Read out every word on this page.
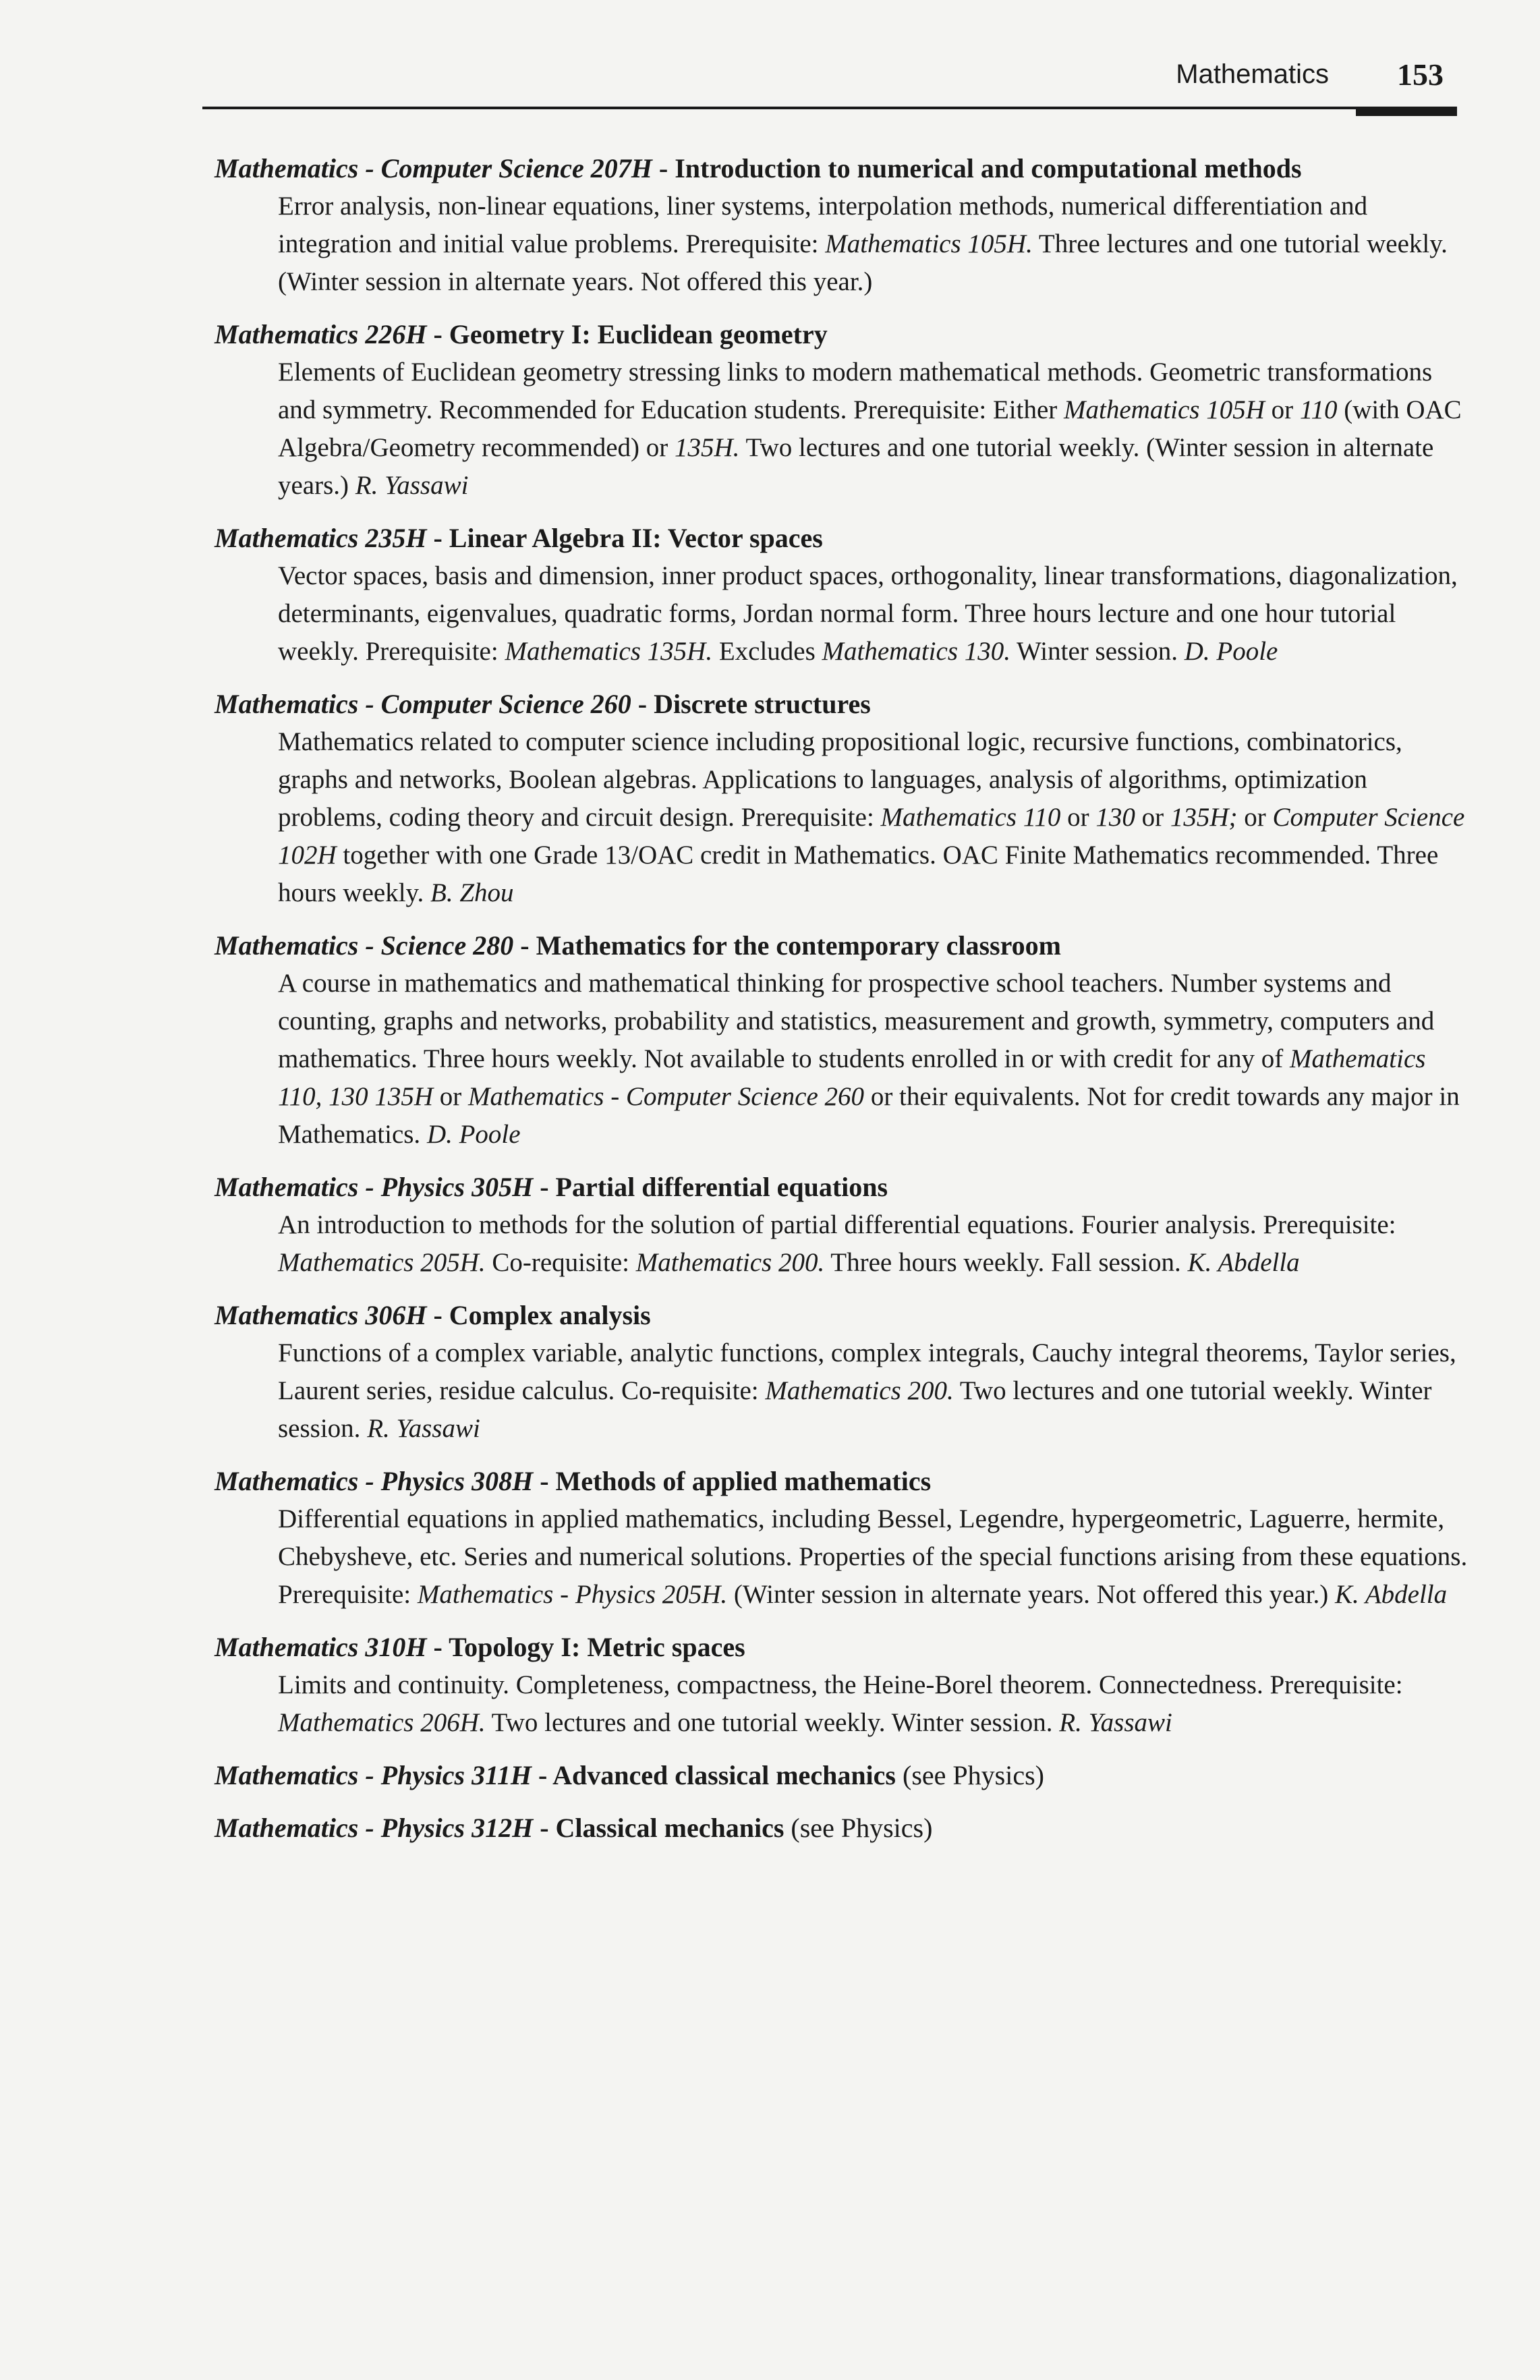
Mathematics 153
Mathematics - Computer Science 207H - Introduction to numerical and computational methods
Error analysis, non-linear equations, liner systems, interpolation methods, numerical differentiation and integration and initial value problems. Prerequisite: Mathematics 105H. Three lectures and one tutorial weekly. (Winter session in alternate years. Not offered this year.)
Mathematics 226H - Geometry I: Euclidean geometry
Elements of Euclidean geometry stressing links to modern mathematical methods. Geometric transformations and symmetry. Recommended for Education students. Prerequisite: Either Mathematics 105H or 110 (with OAC Algebra/Geometry recommended) or 135H. Two lectures and one tutorial weekly. (Winter session in alternate years.) R. Yassawi
Mathematics 235H - Linear Algebra II: Vector spaces
Vector spaces, basis and dimension, inner product spaces, orthogonality, linear transformations, diagonalization, determinants, eigenvalues, quadratic forms, Jordan normal form. Three hours lecture and one hour tutorial weekly. Prerequisite: Mathematics 135H. Excludes Mathematics 130. Winter session. D. Poole
Mathematics - Computer Science 260 - Discrete structures
Mathematics related to computer science including propositional logic, recursive functions, combinatorics, graphs and networks, Boolean algebras. Applications to languages, analysis of algorithms, optimization problems, coding theory and circuit design. Prerequisite: Mathematics 110 or 130 or 135H; or Computer Science 102H together with one Grade 13/OAC credit in Mathematics. OAC Finite Mathematics recommended. Three hours weekly. B. Zhou
Mathematics - Science 280 - Mathematics for the contemporary classroom
A course in mathematics and mathematical thinking for prospective school teachers. Number systems and counting, graphs and networks, probability and statistics, measurement and growth, symmetry, computers and mathematics. Three hours weekly. Not available to students enrolled in or with credit for any of Mathematics 110, 130 135H or Mathematics - Computer Science 260 or their equivalents. Not for credit towards any major in Mathematics. D. Poole
Mathematics - Physics 305H - Partial differential equations
An introduction to methods for the solution of partial differential equations. Fourier analysis. Prerequisite: Mathematics 205H. Co-requisite: Mathematics 200. Three hours weekly. Fall session. K. Abdella
Mathematics 306H - Complex analysis
Functions of a complex variable, analytic functions, complex integrals, Cauchy integral theorems, Taylor series, Laurent series, residue calculus. Co-requisite: Mathematics 200. Two lectures and one tutorial weekly. Winter session. R. Yassawi
Mathematics - Physics 308H - Methods of applied mathematics
Differential equations in applied mathematics, including Bessel, Legendre, hypergeometric, Laguerre, hermite, Chebysheve, etc. Series and numerical solutions. Properties of the special functions arising from these equations. Prerequisite: Mathematics - Physics 205H. (Winter session in alternate years. Not offered this year.) K. Abdella
Mathematics 310H - Topology I: Metric spaces
Limits and continuity. Completeness, compactness, the Heine-Borel theorem. Connectedness. Prerequisite: Mathematics 206H. Two lectures and one tutorial weekly. Winter session. R. Yassawi
Mathematics - Physics 311H - Advanced classical mechanics (see Physics)
Mathematics - Physics 312H - Classical mechanics (see Physics)
